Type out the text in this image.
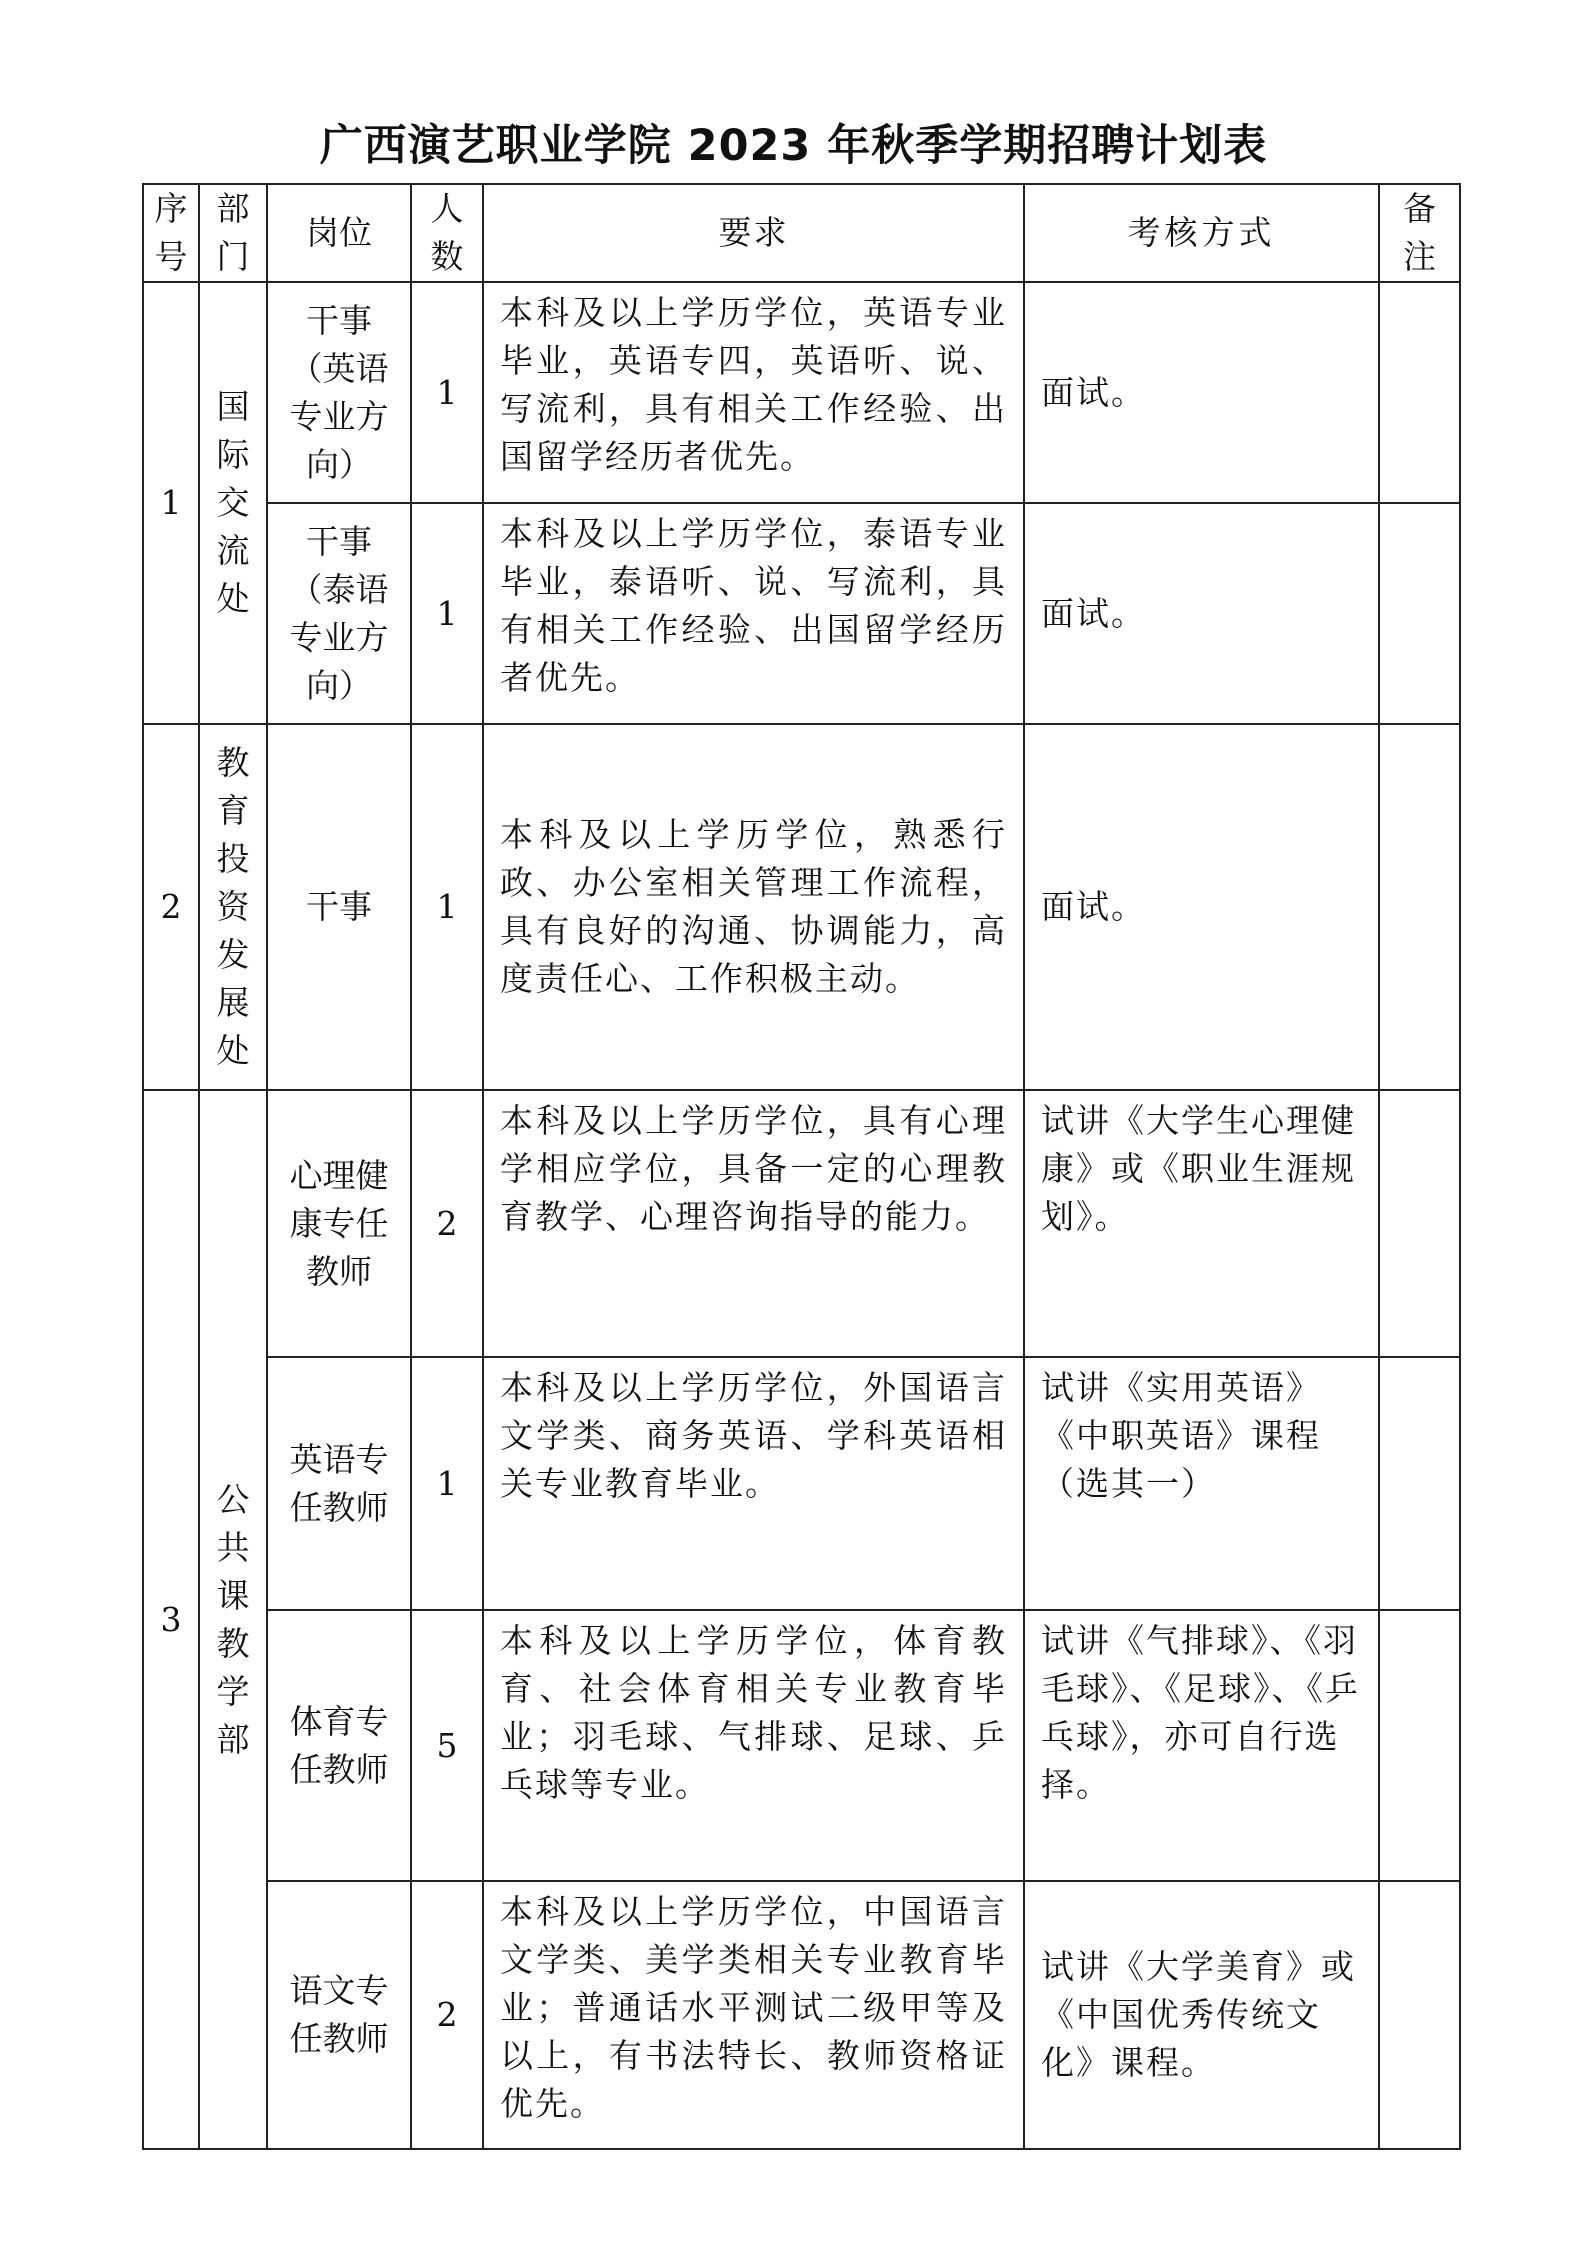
广西演艺职业学院 2023 年秋季学期招聘计划表
序号	部门	岗位	人数	要求	考核方式	备注

1	国际交流处	干事（英语专业方向）	1	本科及以上学历学位，英语专业毕业，英语专四，英语听、说、写流利，具有相关工作经验、出国留学经历者优先。	面试。	
		干事（泰语专业方向）	1	本科及以上学历学位，泰语专业毕业，泰语听、说、写流利，具有相关工作经验、出国留学经历者优先。	面试。	
2	教育投资发展处	干事	1	本科及以上学历学位，熟悉行政、办公室相关管理工作流程，具有良好的沟通、协调能力，高度责任心、工作积极主动。	面试。	
3	公共课教学部	心理健康专任教师	2	本科及以上学历学位，具有心理学相应学位，具备一定的心理教育教学、心理咨询指导的能力。	试讲《大学生心理健康》或《职业生涯规划》。	
		英语专任教师	1	本科及以上学历学位，外国语言文学类、商务英语、学科英语相关专业教育毕业。	试讲《实用英语》《中职英语》课程（选其一）	
		体育专任教师	5	本科及以上学历学位，体育教育、社会体育相关专业教育毕业；羽毛球、气排球、足球、乒乓球等专业。	试讲《气排球》、《羽毛球》、《足球》、《乒乓球》，亦可自行选择。	
		语文专任教师	2	本科及以上学历学位，中国语言文学类、美学类相关专业教育毕业；普通话水平测试二级甲等及以上，有书法特长、教师资格证优先。	试讲《大学美育》或《中国优秀传统文化》课程。	
